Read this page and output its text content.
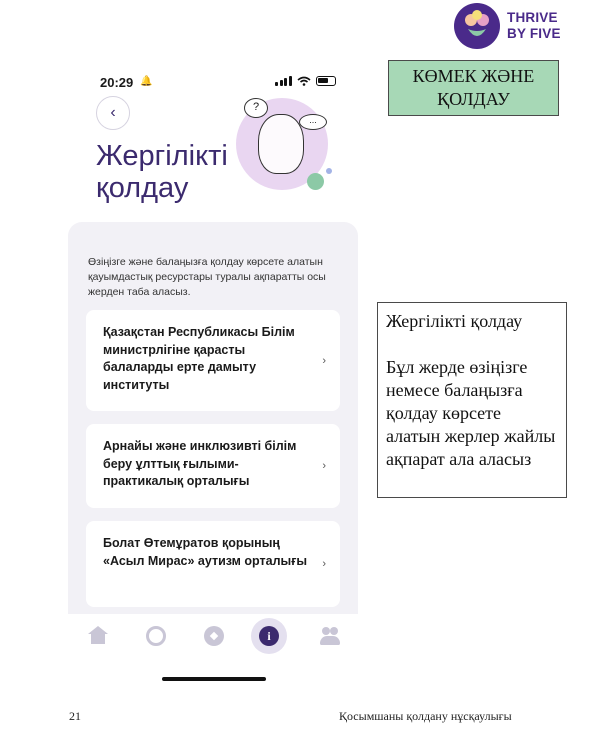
THRIVE
BY FIVE
КӨМЕК ЖӘНЕ
ҚОЛДАУ
20:29 🔔
‹
Жергілікті
қолдау
?
...
Өзіңізге және балаңызға қолдау көрсете алатын қауымдастық ресурстары туралы ақпаратты осы жерден таба аласыз.
Қазақстан Республикасы Білім министрлігіне қарасты балаларды ерте дамыту институты
›
Арнайы және инклюзивті білім беру ұлттық ғылыми-практикалық орталығы
›
Болат Өтемұратов қорының «Асыл Мирас» аутизм орталығы ›
i
Жергілікті қолдау
Бұл жерде өзіңізге немесе балаңызға қолдау көрсете алатын жерлер жайлы ақпарат ала аласыз
21	Қосымшаны қолдану нұсқаулығы
